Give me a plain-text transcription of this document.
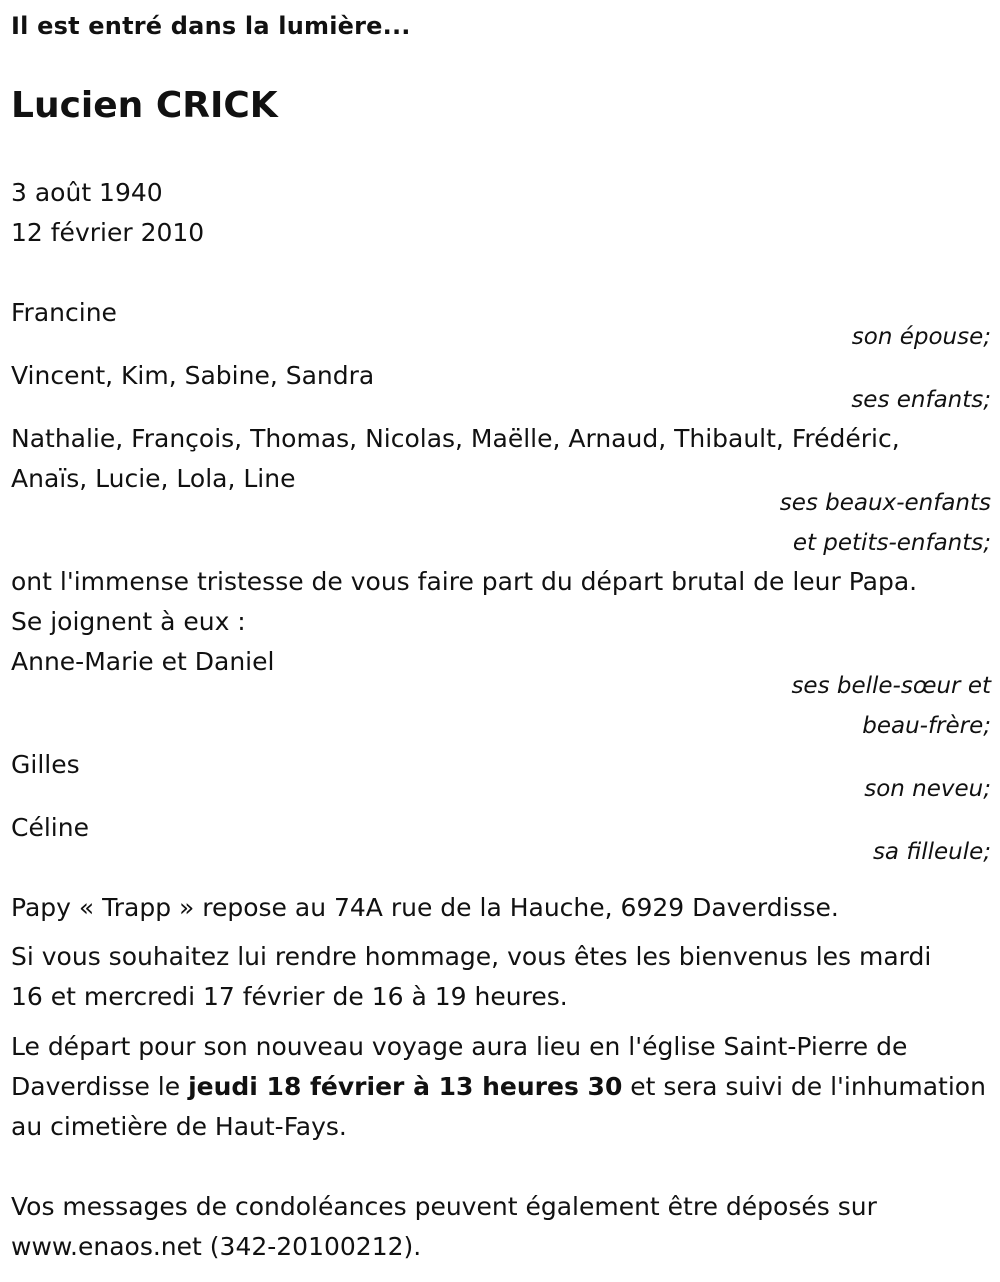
Il est entré dans la lumière...
Lucien CRICK
3 août 1940
12 février 2010
Francine
son épouse;
Vincent, Kim, Sabine, Sandra
ses enfants;
Nathalie, François, Thomas, Nicolas, Maëlle, Arnaud, Thibault, Frédéric,
Anaïs, Lucie, Lola, Line
ses beaux-enfants
et petits-enfants;
ont l'immense tristesse de vous faire part du départ brutal de leur Papa.
Se joignent à eux :
Anne-Marie et Daniel
ses belle-sœur et
beau-frère;
Gilles
son neveu;
Céline
sa filleule;
Papy « Trapp » repose au 74A rue de la Hauche, 6929 Daverdisse.
Si vous souhaitez lui rendre hommage, vous êtes les bienvenus les mardi
16 et mercredi 17 février de 16 à 19 heures.
Le départ pour son nouveau voyage aura lieu en l'église Saint-Pierre de
Daverdisse le jeudi 18 février à 13 heures 30 et sera suivi de l'inhumation
au cimetière de Haut-Fays.
Vos messages de condoléances peuvent également être déposés sur
www.enaos.net (342-20100212).
